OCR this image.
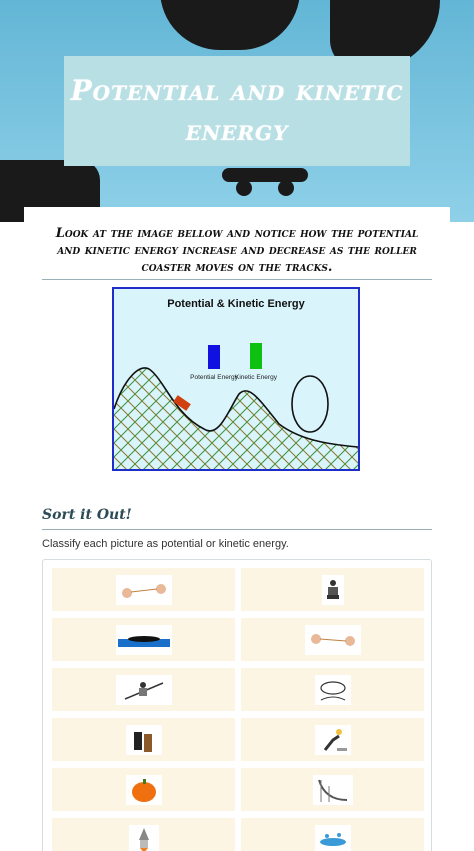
Potential and kinetic energy
Look at the image bellow and notice how the potential and kinetic energy increase and decrease as the roller coaster moves on the tracks.
Potential & Kinetic Energy
Potential Energy
Kinetic Energy
Sort it Out!
Classify each picture as potential or kinetic energy.
